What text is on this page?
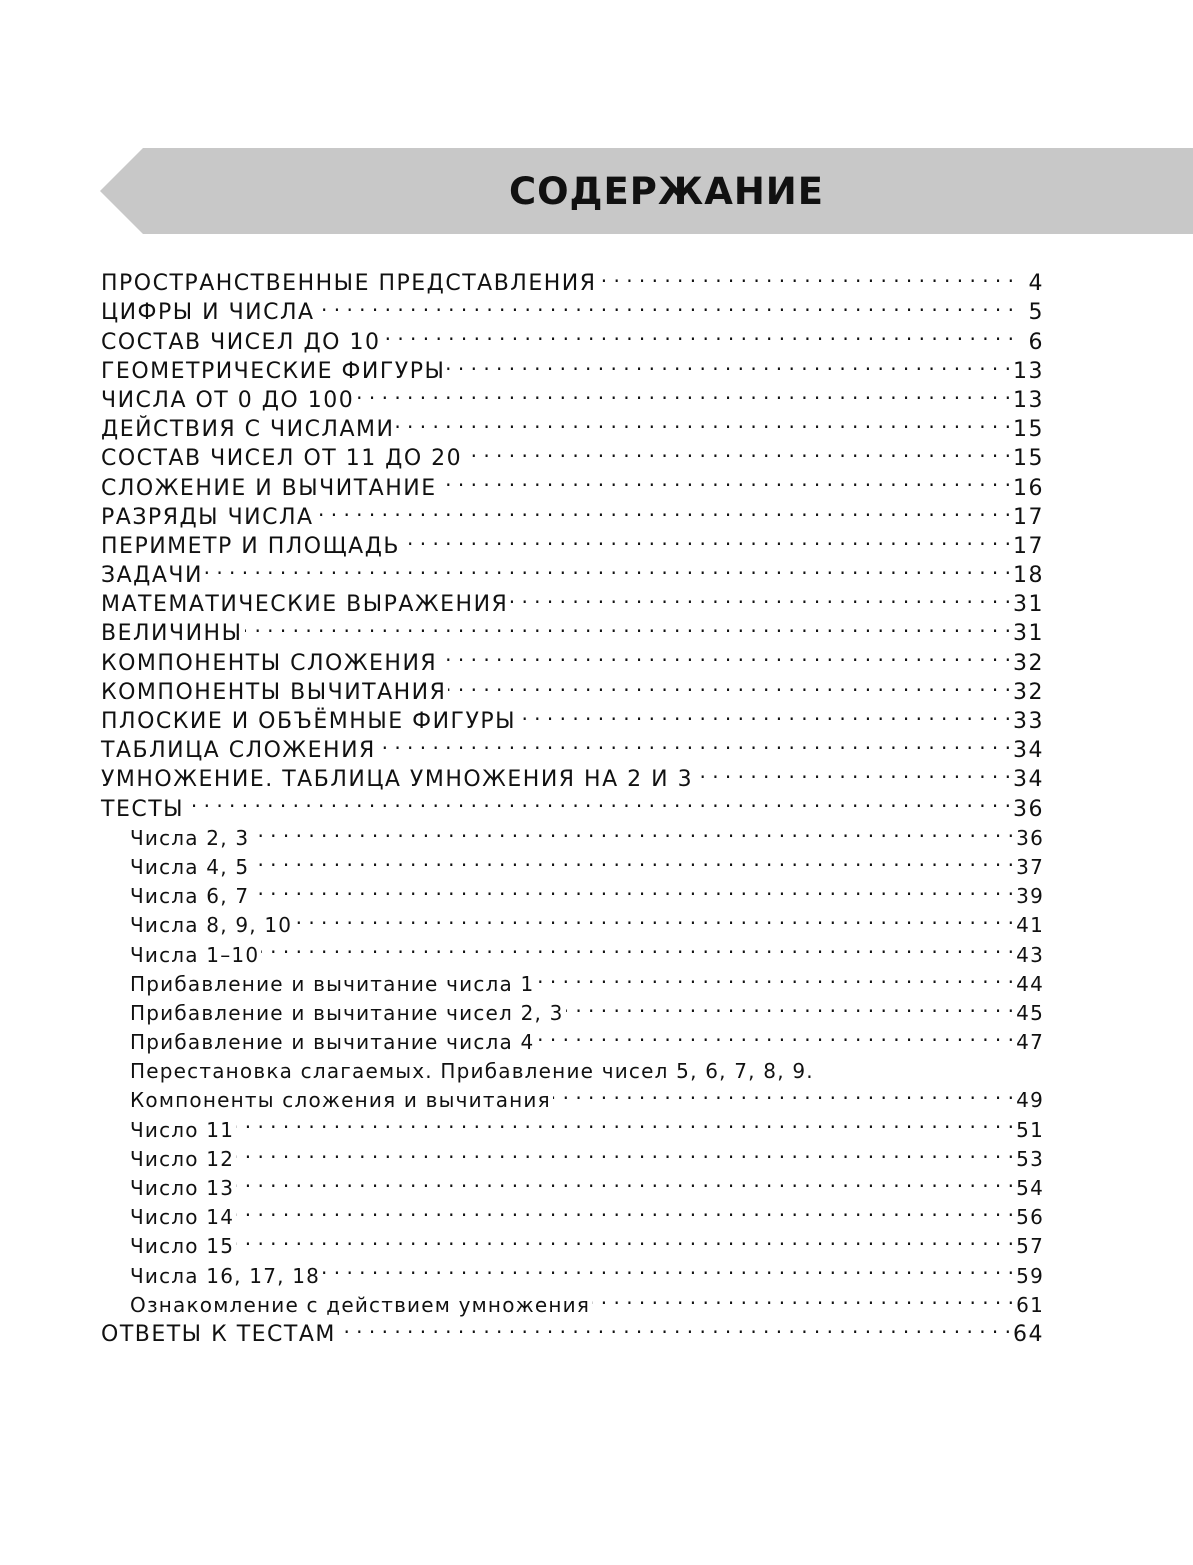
СОДЕРЖАНИЕ
ПРОСТРАНСТВЕННЫЕ ПРЕДСТАВЛЕНИЯ . . .	4
ЦИФРЫ И ЧИСЛА . . .	5
СОСТАВ ЧИСЕЛ ДО 10 . . .	6
ГЕОМЕТРИЧЕСКИЕ ФИГУРЫ . . .	13
ЧИСЛА ОТ 0 ДО 100 . . .	13
ДЕЙСТВИЯ С ЧИСЛАМИ . . .	15
СОСТАВ ЧИСЕЛ ОТ 11 ДО 20 . . .	15
СЛОЖЕНИЕ И ВЫЧИТАНИЕ . . .	16
РАЗРЯДЫ ЧИСЛА . . .	17
ПЕРИМЕТР И ПЛОЩАДЬ . . .	17
ЗАДАЧИ . . .	18
МАТЕМАТИЧЕСКИЕ ВЫРАЖЕНИЯ . . .	31
ВЕЛИЧИНЫ . . .	31
КОМПОНЕНТЫ СЛОЖЕНИЯ . . .	32
КОМПОНЕНТЫ ВЫЧИТАНИЯ . . .	32
ПЛОСКИЕ И ОБЪЁМНЫЕ ФИГУРЫ . . .	33
ТАБЛИЦА СЛОЖЕНИЯ . . .	34
УМНОЖЕНИЕ. ТАБЛИЦА УМНОЖЕНИЯ НА 2 И 3 . . .	34
ТЕСТЫ . . .	36
Числа 2, 3 . . .	36
Числа 4, 5 . . .	37
Числа 6, 7 . . .	39
Числа 8, 9, 10 . . .	41
Числа 1–10 . . .	43
Прибавление и вычитание числа 1 . . .	44
Прибавление и вычитание чисел 2, 3 . . .	45
Прибавление и вычитание числа 4 . . .	47
Перестановка слагаемых. Прибавление чисел 5, 6, 7, 8, 9.
Компоненты сложения и вычитания . . .	49
Число 11 . . .	51
Число 12 . . .	53
Число 13 . . .	54
Число 14 . . .	56
Число 15 . . .	57
Числа 16, 17, 18 . . .	59
Ознакомление с действием умножения . . .	61
ОТВЕТЫ К ТЕСТАМ . . .	64
